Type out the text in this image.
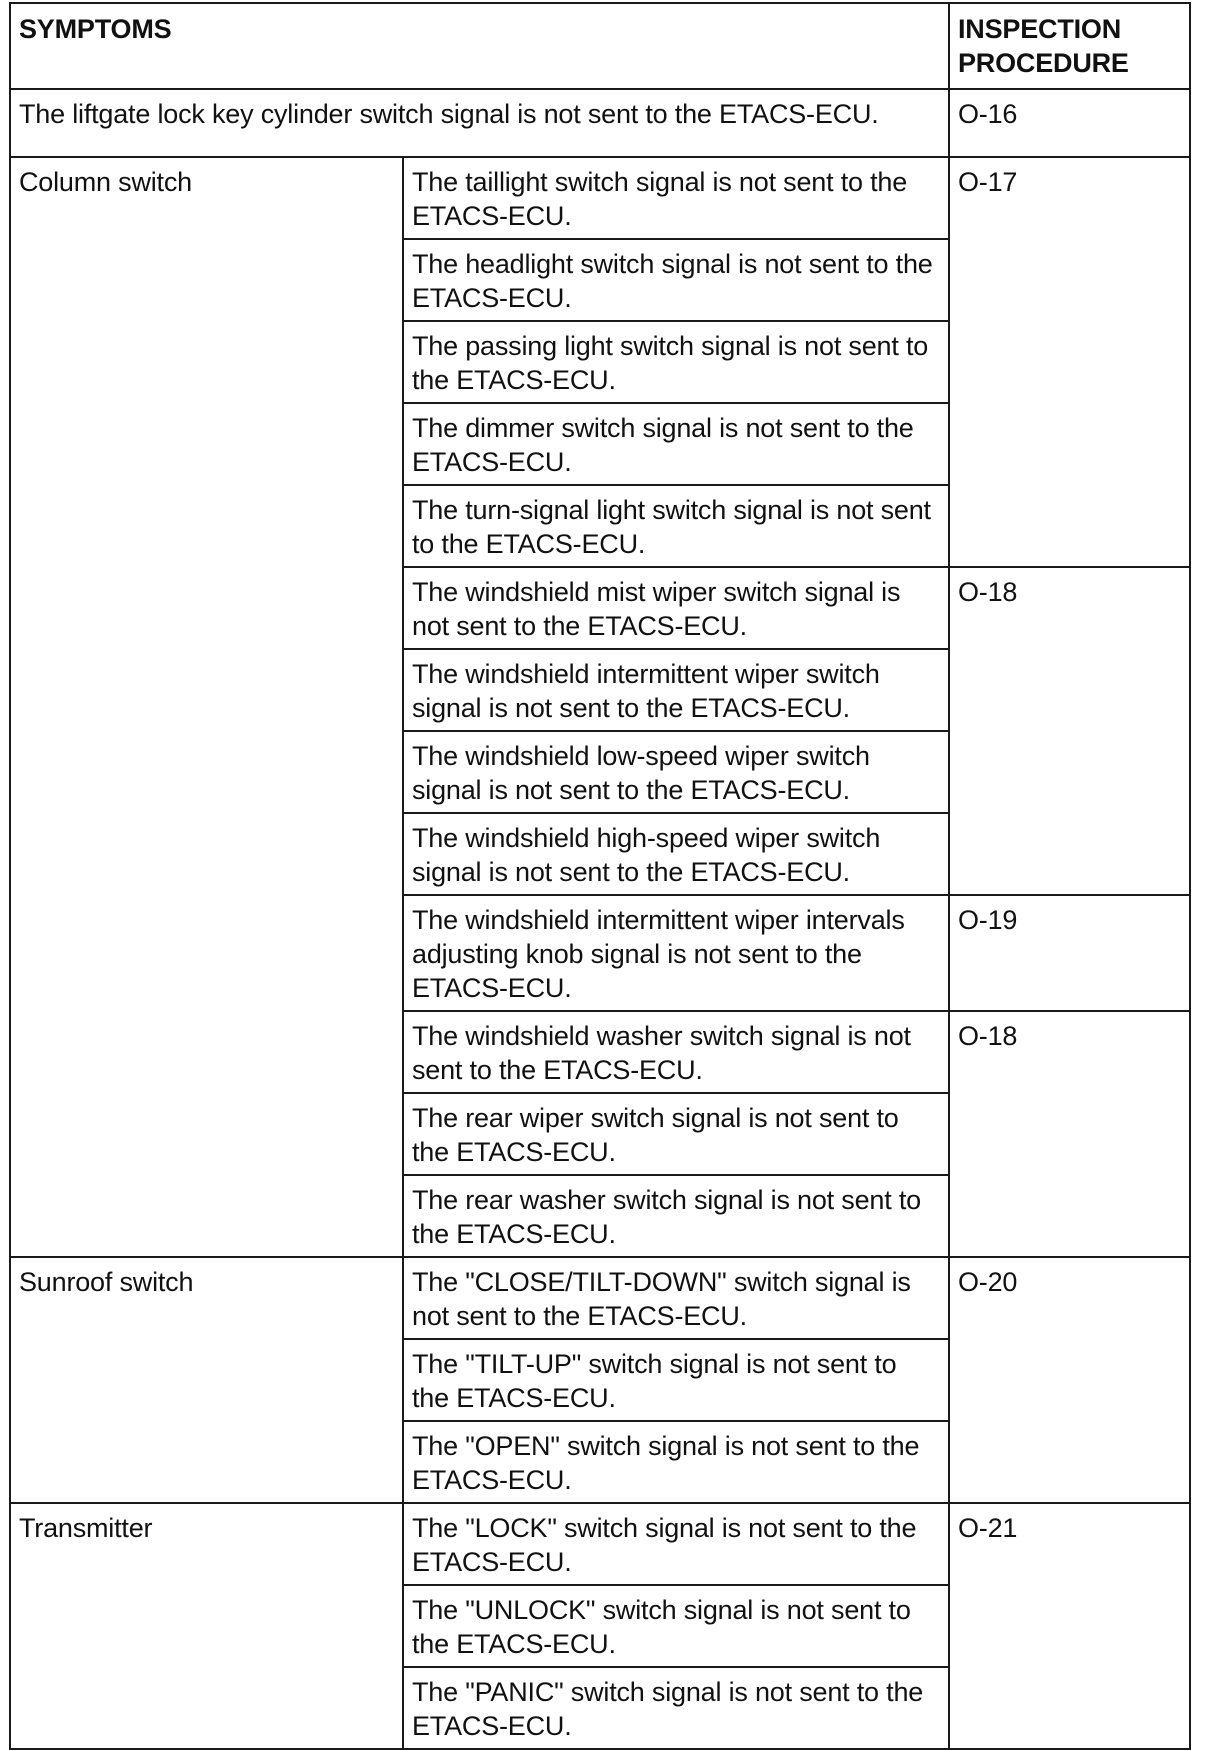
SYMPTOMS		INSPECTION PROCEDURE
The liftgate lock key cylinder switch signal is not sent to the ETACS-ECU.		O-16
Column switch	The taillight switch signal is not sent to the ETACS-ECU.	O-17
	The headlight switch signal is not sent to the ETACS-ECU.	
	The passing light switch signal is not sent to the ETACS-ECU.	
	The dimmer switch signal is not sent to the ETACS-ECU.	
	The turn-signal light switch signal is not sent to the ETACS-ECU.	
	The windshield mist wiper switch signal is not sent to the ETACS-ECU.	O-18
	The windshield intermittent wiper switch signal is not sent to the ETACS-ECU.	
	The windshield low-speed wiper switch signal is not sent to the ETACS-ECU.	
	The windshield high-speed wiper switch signal is not sent to the ETACS-ECU.	
	The windshield intermittent wiper intervals adjusting knob signal is not sent to the ETACS-ECU.	O-19
	The windshield washer switch signal is not sent to the ETACS-ECU.	O-18
	The rear wiper switch signal is not sent to the ETACS-ECU.	
	The rear washer switch signal is not sent to the ETACS-ECU.	
Sunroof switch	The "CLOSE/TILT-DOWN" switch signal is not sent to the ETACS-ECU.	O-20
	The "TILT-UP" switch signal is not sent to the ETACS-ECU.	
	The "OPEN" switch signal is not sent to the ETACS-ECU.	
Transmitter	The "LOCK" switch signal is not sent to the ETACS-ECU.	O-21
	The "UNLOCK" switch signal is not sent to the ETACS-ECU.	
	The "PANIC" switch signal is not sent to the ETACS-ECU.	
